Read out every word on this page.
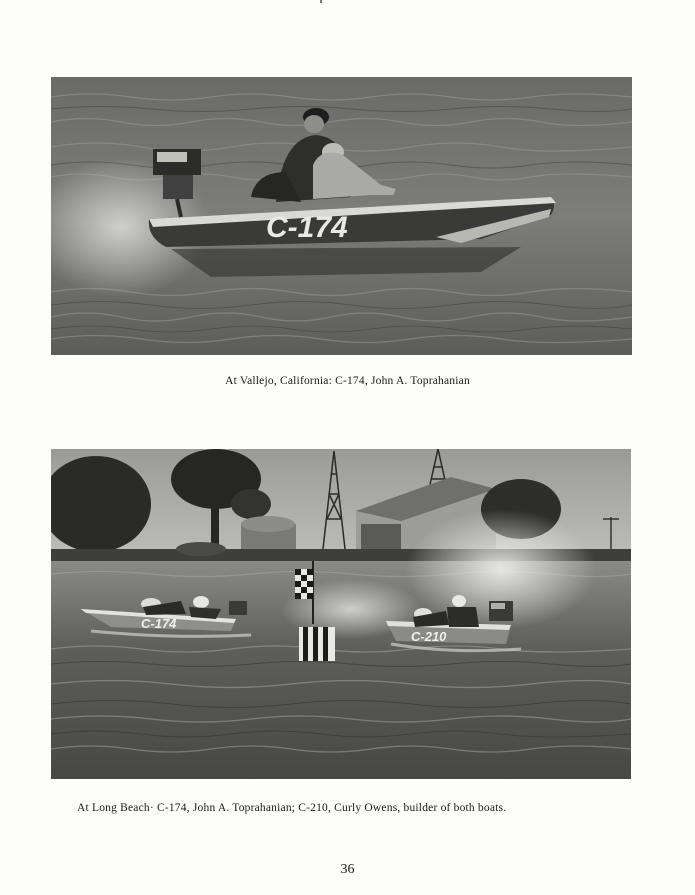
C-174
At Vallejo, California: C-174, John A. Toprahanian
C-174
C-210
At Long Beach· C-174, John A. Toprahanian; C-210, Curly Owens, builder of both boats.
36
